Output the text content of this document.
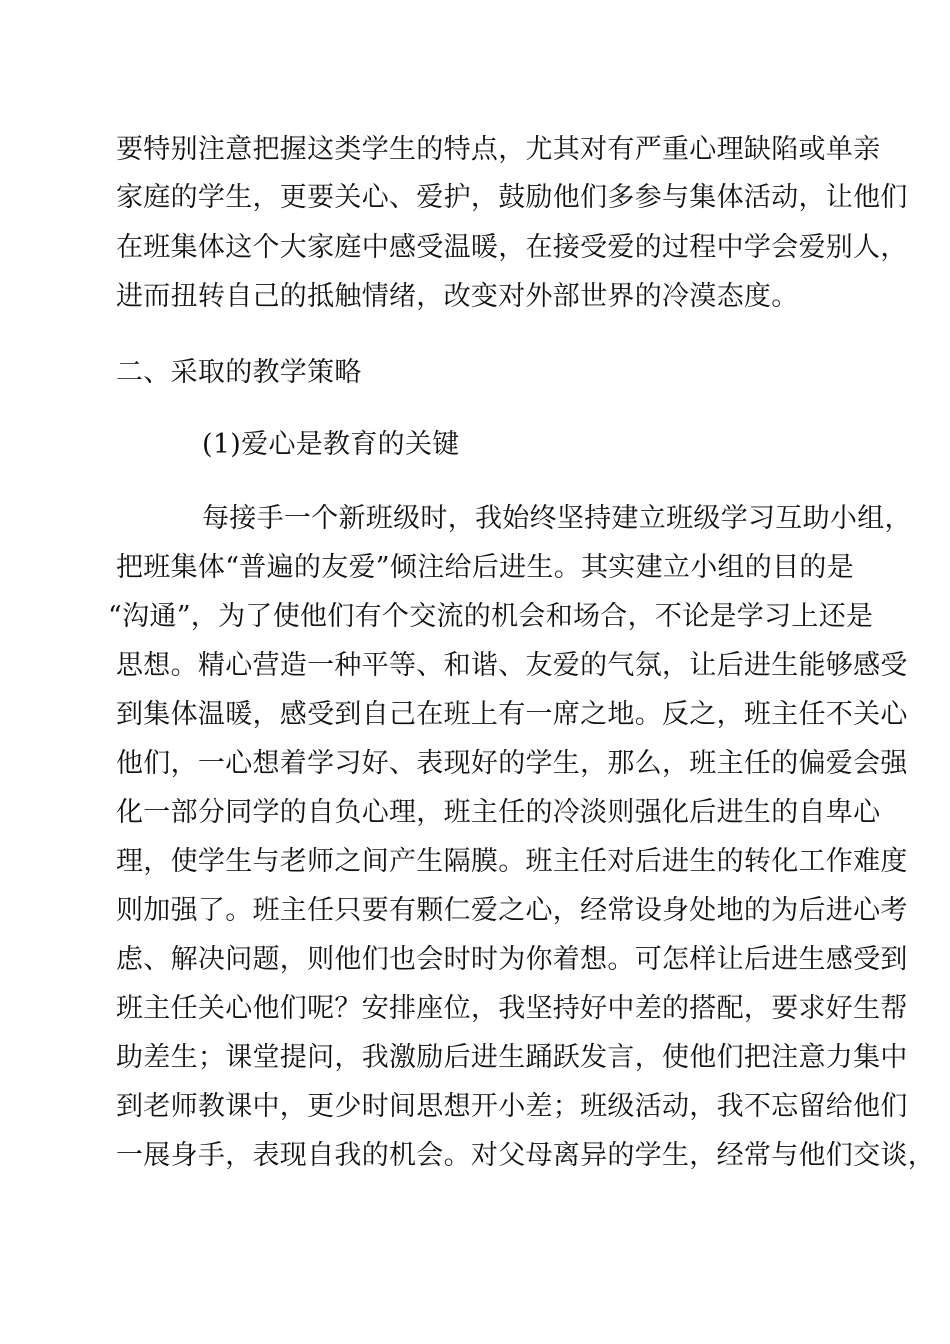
要特别注意把握这类学生的特点，尤其对有严重心理缺陷或单亲
家庭的学生，更要关心、爱护，鼓励他们多参与集体活动，让他们
在班集体这个大家庭中感受温暖，在接受爱的过程中学会爱别人，
进而扭转自己的抵触情绪，改变对外部世界的冷漠态度。
二、采取的教学策略
(1)爱心是教育的关键
每接手一个新班级时，我始终坚持建立班级学习互助小组，
把班集体“普遍的友爱”倾注给后进生。其实建立小组的目的是
“沟通”，为了使他们有个交流的机会和场合，不论是学习上还是
思想。精心营造一种平等、和谐、友爱的气氛，让后进生能够感受
到集体温暖，感受到自己在班上有一席之地。反之，班主任不关心
他们，一心想着学习好、表现好的学生，那么，班主任的偏爱会强
化一部分同学的自负心理，班主任的冷淡则强化后进生的自卑心
理，使学生与老师之间产生隔膜。班主任对后进生的转化工作难度
则加强了。班主任只要有颗仁爱之心，经常设身处地的为后进心考
虑、解决问题，则他们也会时时为你着想。可怎样让后进生感受到
班主任关心他们呢？安排座位，我坚持好中差的搭配，要求好生帮
助差生；课堂提问，我激励后进生踊跃发言，使他们把注意力集中
到老师教课中，更少时间思想开小差；班级活动，我不忘留给他们
一展身手，表现自我的机会。对父母离异的学生，经常与他们交谈，
